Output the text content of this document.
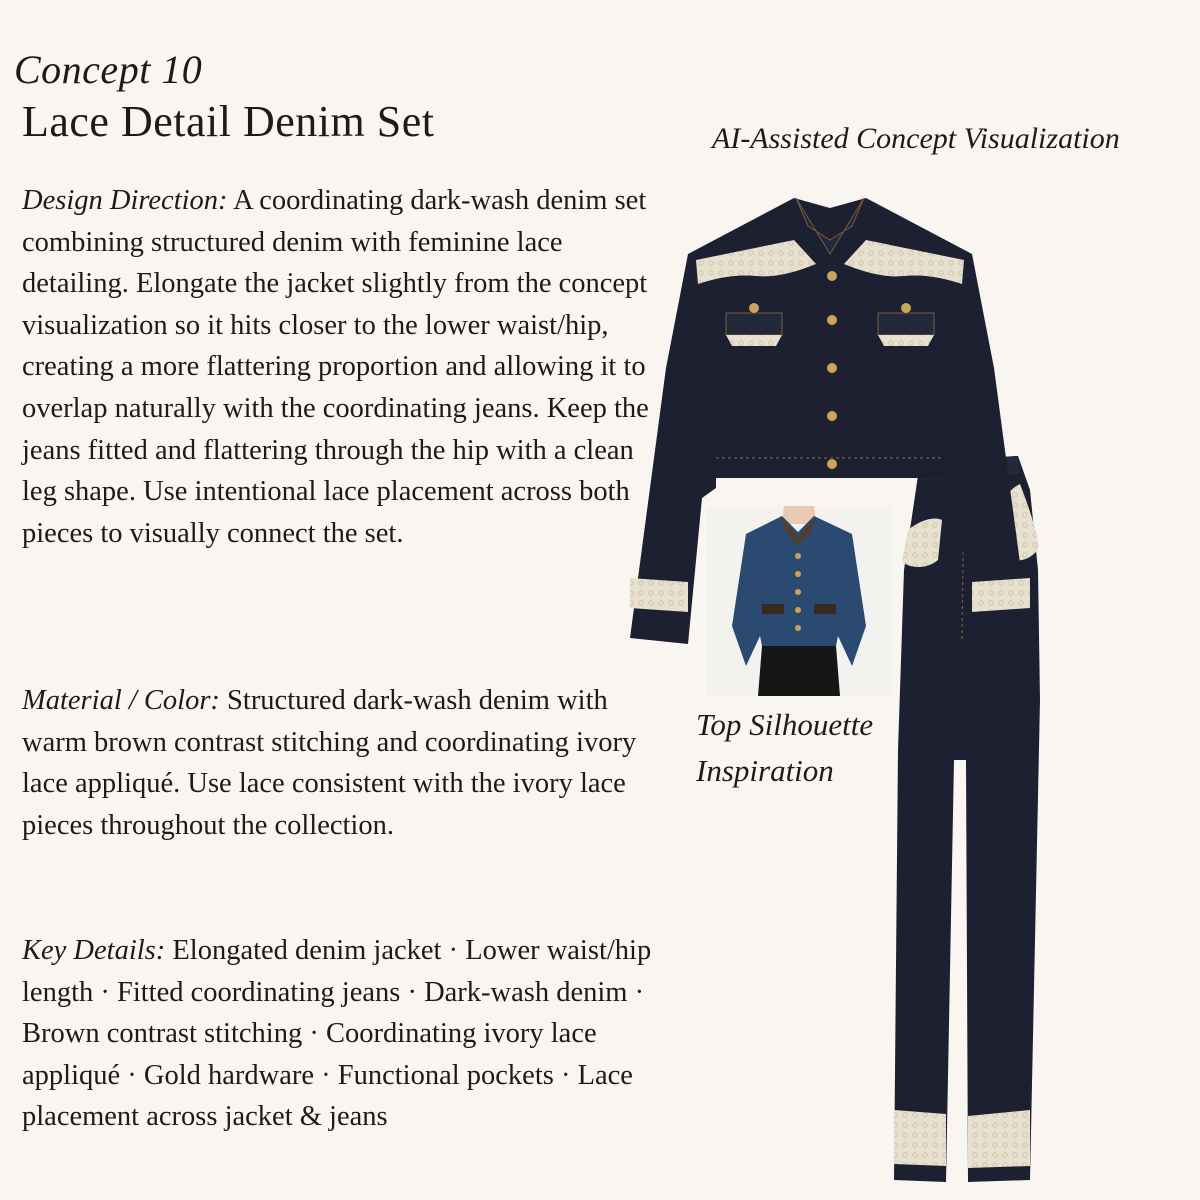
Concept 10
Lace Detail Denim Set	AI-Assisted Concept Visualization
Design Direction: A coordinating dark-wash denim set combining structured denim with feminine lace detailing. Elongate the jacket slightly from the concept visualization so it hits closer to the lower waist/hip, creating a more flattering proportion and allowing it to overlap naturally with the coordinating jeans. Keep the jeans fitted and flattering through the hip with a clean leg shape. Use intentional lace placement across both pieces to visually connect the set.
Material / Color: Structured dark-wash denim with warm brown contrast stitching and coordinating ivory lace appliqué. Use lace consistent with the ivory lace pieces throughout the collection.
Key Details: Elongated denim jacket · Lower waist/hip length · Fitted coordinating jeans · Dark-wash denim · Brown contrast stitching · Coordinating ivory lace appliqué · Gold hardware · Functional pockets · Lace placement across jacket & jeans
Top Silhouette Inspiration
